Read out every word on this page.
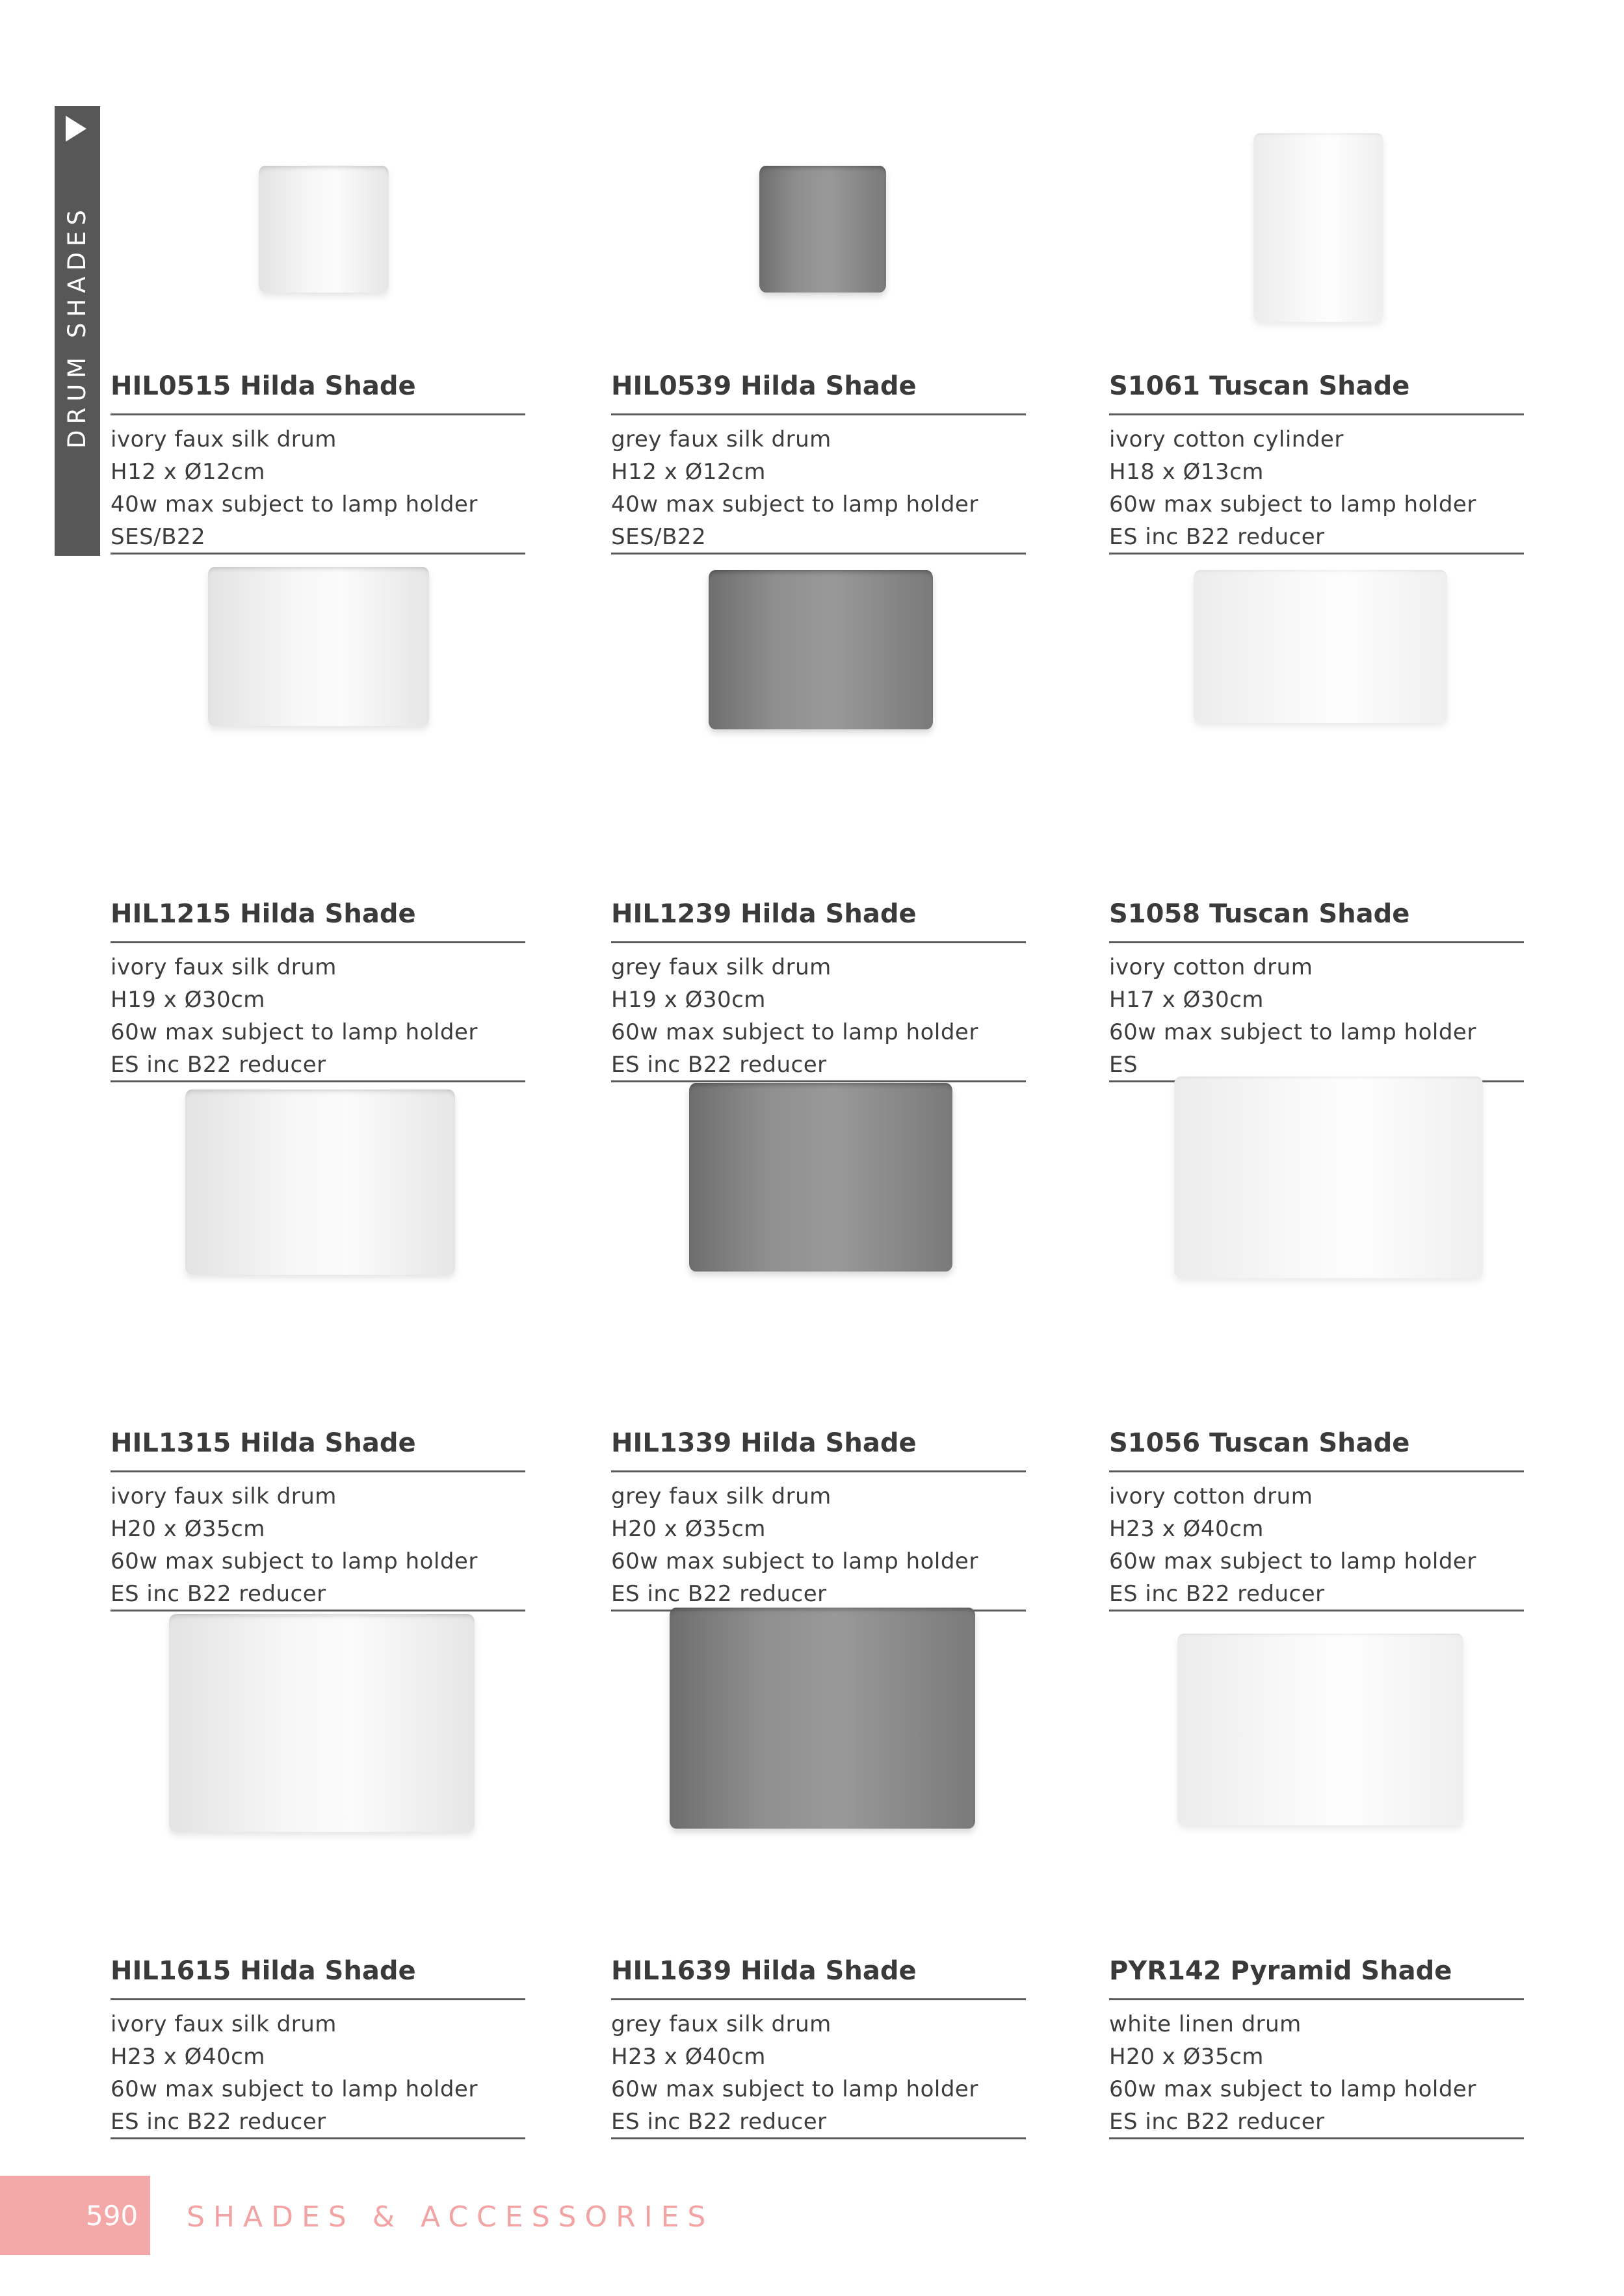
DRUM SHADES HIL0515 Hilda Shade
ivory faux silk drum
H12 x Ø12cm
40w max subject to lamp holder
SES/B22
HIL0539 Hilda Shade
grey faux silk drum
H12 x Ø12cm
40w max subject to lamp holder
SES/B22
S1061 Tuscan Shade
ivory cotton cylinder
H18 x Ø13cm
60w max subject to lamp holder
ES inc B22 reducer
HIL1215 Hilda Shade
ivory faux silk drum
H19 x Ø30cm
60w max subject to lamp holder
ES inc B22 reducer
HIL1239 Hilda Shade
grey faux silk drum
H19 x Ø30cm
60w max subject to lamp holder
ES inc B22 reducer
S1058 Tuscan Shade
ivory cotton drum
H17 x Ø30cm
60w max subject to lamp holder
ES
HIL1315 Hilda Shade
ivory faux silk drum
H20 x Ø35cm
60w max subject to lamp holder
ES inc B22 reducer
HIL1339 Hilda Shade
grey faux silk drum
H20 x Ø35cm
60w max subject to lamp holder
ES inc B22 reducer
S1056 Tuscan Shade
ivory cotton drum
H23 x Ø40cm
60w max subject to lamp holder
ES inc B22 reducer
HIL1615 Hilda Shade
ivory faux silk drum
H23 x Ø40cm
60w max subject to lamp holder
ES inc B22 reducer
HIL1639 Hilda Shade
grey faux silk drum
H23 x Ø40cm
60w max subject to lamp holder
ES inc B22 reducer
PYR142 Pyramid Shade
white linen drum
H20 x Ø35cm
60w max subject to lamp holder
ES inc B22 reducer
590 SHADES & ACCESSORIES
